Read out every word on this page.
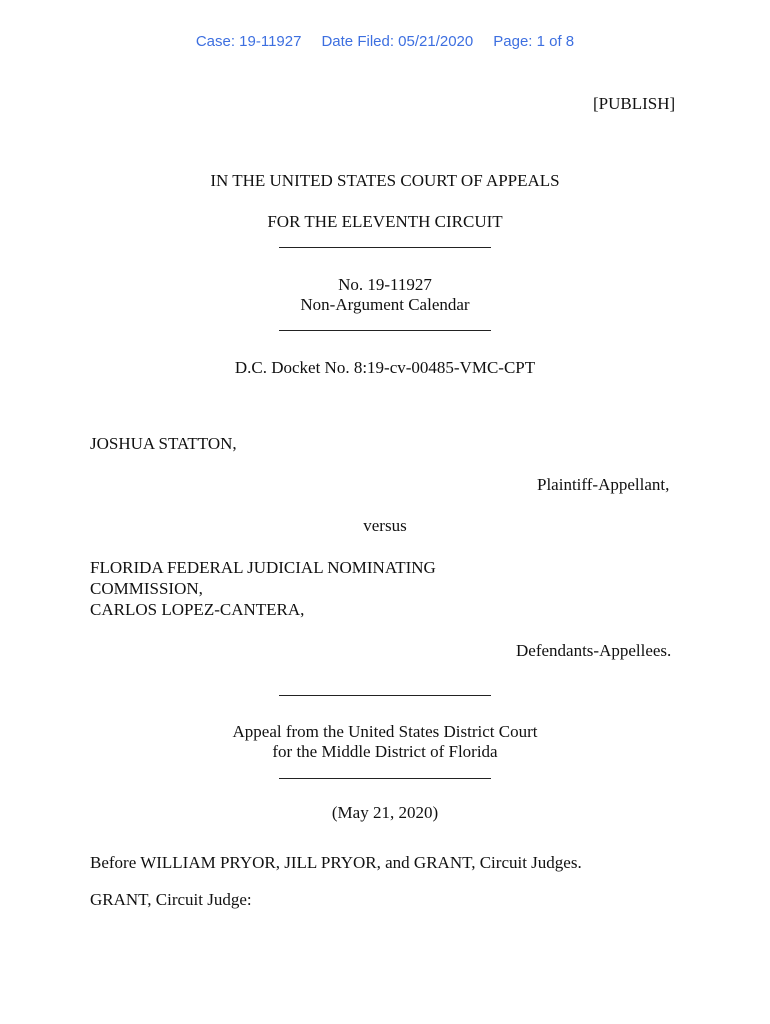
Case: 19-11927 Date Filed: 05/21/2020 Page: 1 of 8
[PUBLISH]
IN THE UNITED STATES COURT OF APPEALS
FOR THE ELEVENTH CIRCUIT
No. 19-11927
Non-Argument Calendar
D.C. Docket No. 8:19-cv-00485-VMC-CPT
JOSHUA STATTON,
Plaintiff-Appellant,
versus
FLORIDA FEDERAL JUDICIAL NOMINATING
COMMISSION,
CARLOS LOPEZ-CANTERA,
Defendants-Appellees.
Appeal from the United States District Court
for the Middle District of Florida
(May 21, 2020)
Before WILLIAM PRYOR, JILL PRYOR, and GRANT, Circuit Judges.
GRANT, Circuit Judge:
